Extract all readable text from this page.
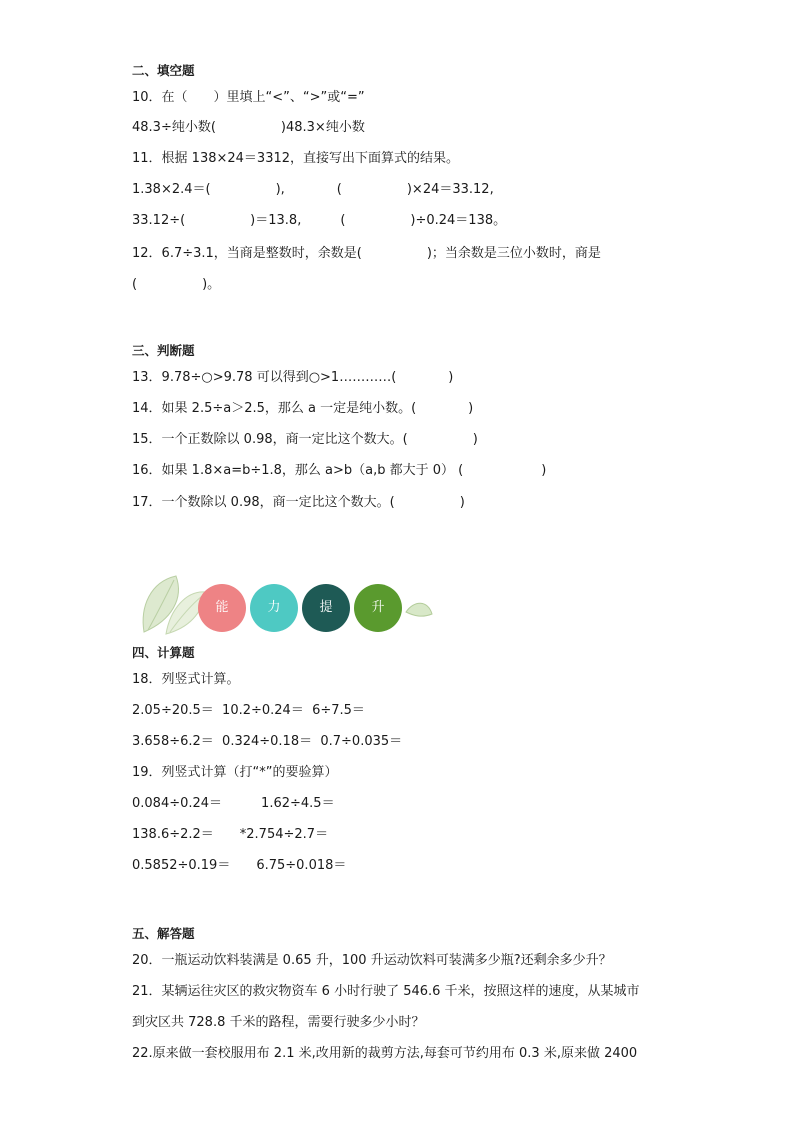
二、填空题
10．在（　　）里填上“<”、“>”或“=”
48.3÷纯小数(　　　　　)48.3×纯小数
11．根据 138×24＝3312，直接写出下面算式的结果。
1.38×2.4＝(　　　　　),　　　　(　　　　　)×24＝33.12,
33.12÷(　　　　　)＝13.8,　　　(　　　　　)÷0.24＝138。
12．6.7÷3.1，当商是整数时，余数是(　　　　　)；当余数是三位小数时，商是
(　　　　　)。
三、判断题
13．9.78÷○>9.78 可以得到○>1…………(　　　　)
14．如果 2.5÷a＞2.5，那么 a 一定是纯小数。(　　　　)
15．一个正数除以 0.98，商一定比这个数大。(　　　　　)
16．如果 1.8×a=b÷1.8，那么 a>b（a,b 都大于 0） (　　　　　　)
17．一个数除以 0.98，商一定比这个数大。(　　　　　)
能	力	提	升
四、计算题
18．列竖式计算。
2.05÷20.5＝  10.2÷0.24＝  6÷7.5＝
3.658÷6.2＝  0.324÷0.18＝  0.7÷0.035＝
19．列竖式计算（打“*”的要验算）
0.084÷0.24＝　　　1.62÷4.5＝
138.6÷2.2＝　　*2.754÷2.7＝
0.5852÷0.19＝　　6.75÷0.018＝
五、解答题
20．一瓶运动饮料装满是 0.65 升，100 升运动饮料可装满多少瓶?还剩余多少升？
21．某辆运往灾区的救灾物资车 6 小时行驶了 546.6 千米，按照这样的速度，从某城市
到灾区共 728.8 千米的路程，需要行驶多少小时？
22.原来做一套校服用布 2.1 米,改用新的裁剪方法,每套可节约用布 0.3 米,原来做 2400
